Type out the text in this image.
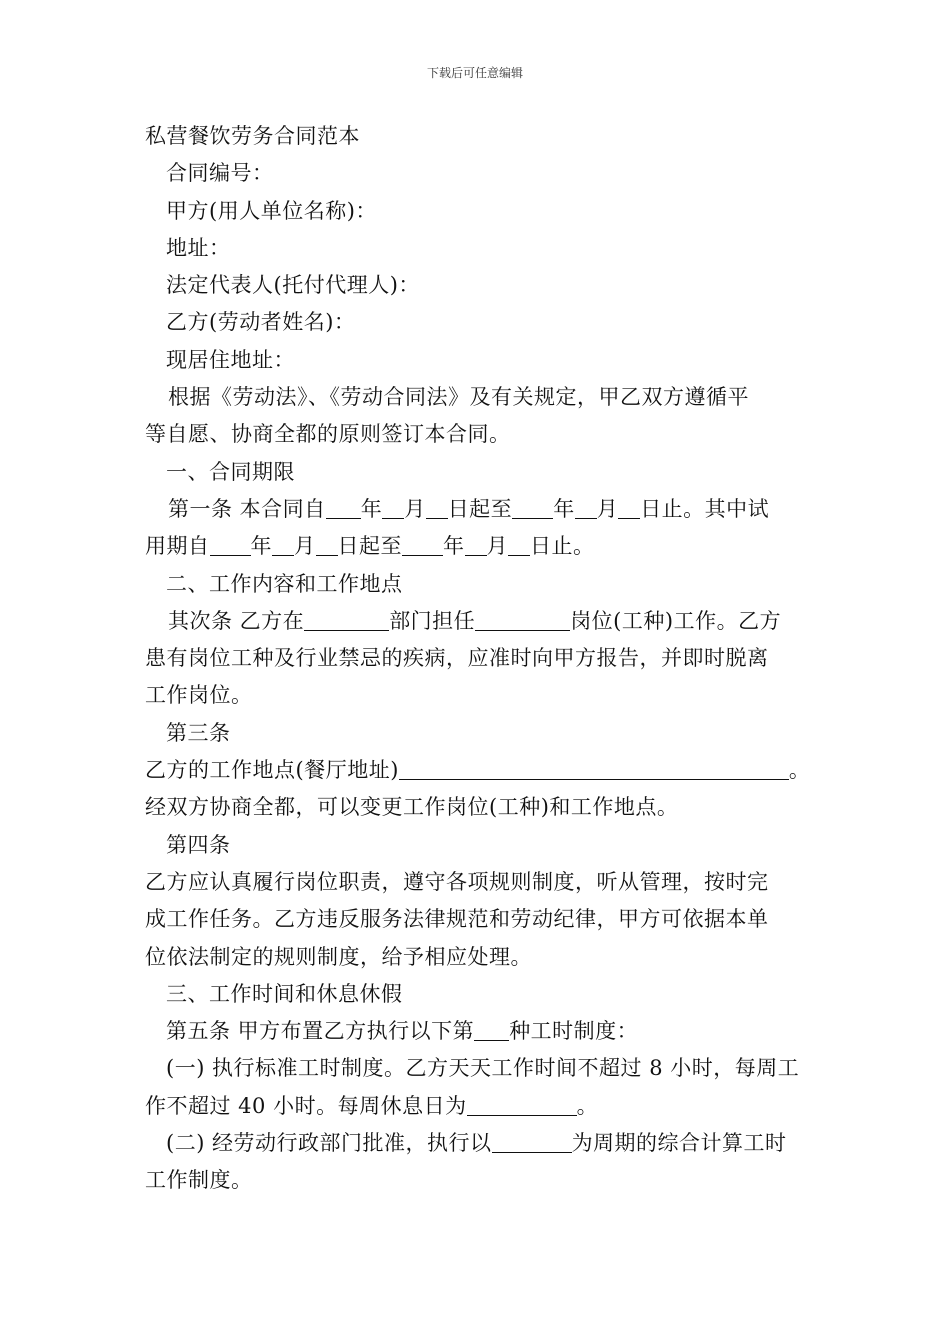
下载后可任意编辑

私营餐饮劳务合同范本

合同编号：

甲方(用人单位名称)：

地址：

法定代表人(托付代理人)：

乙方(劳动者姓名)：

现居住地址：

根据《劳动法》、《劳动合同法》及有关规定，甲乙双方遵循平

等自愿、协商全都的原则签订本合同。

一、合同期限

第一条 本合同自 年 月 日起至 年 月 日止。其中试

用期自 年 月 日起至 年 月 日止。

二、工作内容和工作地点

其次条 乙方在	部门担任	岗位(工种)工作。乙方

患有岗位工种及行业禁忌的疾病，应准时向甲方报告，并即时脱离

工作岗位。

第三条

乙方的工作地点(餐厅地址)	。

经双方协商全都，可以变更工作岗位(工种)和工作地点。

第四条

乙方应认真履行岗位职责，遵守各项规则制度，听从管理，按时完

成工作任务。乙方违反服务法律规范和劳动纪律，甲方可依据本单

位依法制定的规则制度，给予相应处理。

三、工作时间和休息休假

第五条 甲方布置乙方执行以下第 种工时制度：

(一) 执行标准工时制度。乙方天天工作时间不超过 8 小时，每周工

作不超过 40 小时。每周休息日为	。

(二) 经劳动行政部门批准，执行以	为周期的综合计算工时

工作制度。
